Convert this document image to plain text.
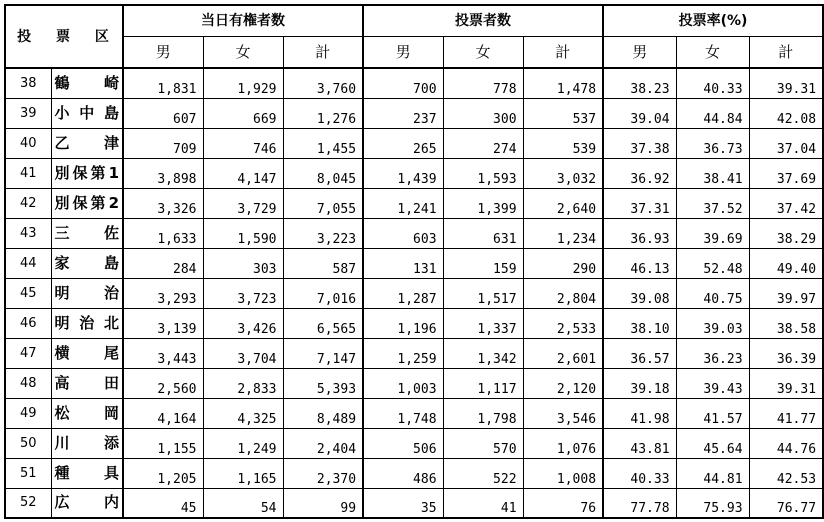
投 票 区		当日有権者数			投票者数			投票率(%)		
		男	女	計	男	女	計	男	女	計
38	鶴 崎	1,831	1,929	3,760	700	778	1,478	38.23	40.33	39.31
39	小中島	607	669	1,276	237	300	537	39.04	44.84	42.08
40	乙 津	709	746	1,455	265	274	539	37.38	36.73	37.04
41	別保第1	3,898	4,147	8,045	1,439	1,593	3,032	36.92	38.41	37.69
42	別保第2	3,326	3,729	7,055	1,241	1,399	2,640	37.31	37.52	37.42
43	三 佐	1,633	1,590	3,223	603	631	1,234	36.93	39.69	38.29
44	家 島	284	303	587	131	159	290	46.13	52.48	49.40
45	明 治	3,293	3,723	7,016	1,287	1,517	2,804	39.08	40.75	39.97
46	明治北	3,139	3,426	6,565	1,196	1,337	2,533	38.10	39.03	38.58
47	横 尾	3,443	3,704	7,147	1,259	1,342	2,601	36.57	36.23	36.39
48	高 田	2,560	2,833	5,393	1,003	1,117	2,120	39.18	39.43	39.31
49	松 岡	4,164	4,325	8,489	1,748	1,798	3,546	41.98	41.57	41.77
50	川 添	1,155	1,249	2,404	506	570	1,076	43.81	45.64	44.76
51	種 具	1,205	1,165	2,370	486	522	1,008	40.33	44.81	42.53
52	広 内	45	54	99	35	41	76	77.78	75.93	76.77
